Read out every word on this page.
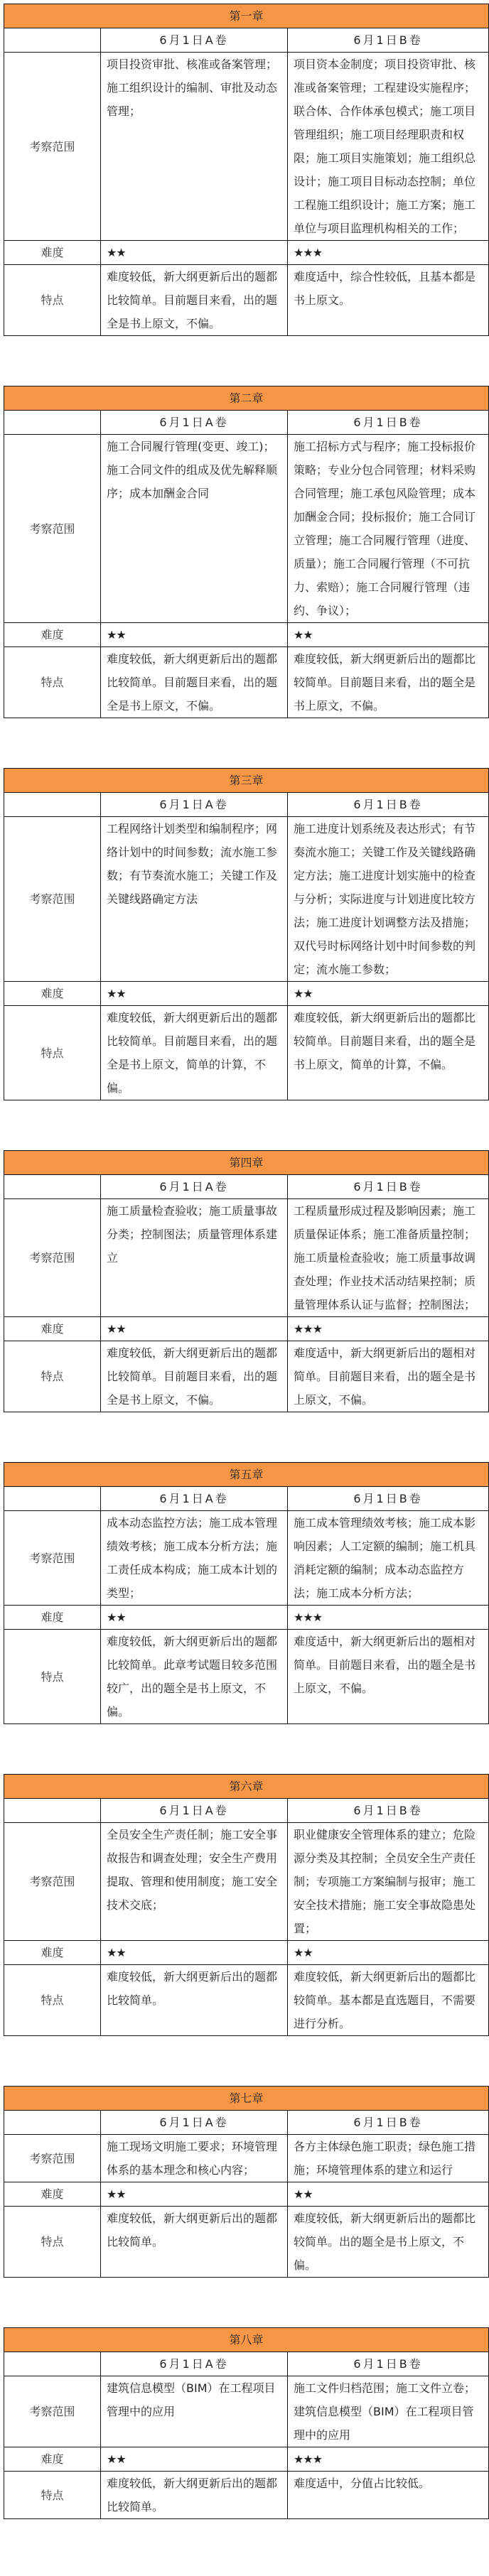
第一章		
	6月1日A卷	6月1日B卷
考察范围	项目投资审批、核准或备案管理；施工组织设计的编制、审批及动态管理；	项目资本金制度；项目投资审批、核准或备案管理；工程建设实施程序；联合体、合作体承包模式；施工项目管理组织；施工项目经理职责和权限；施工项目实施策划；施工组织总设计；施工项目目标动态控制；单位工程施工组织设计；施工方案；施工单位与项目监理机构相关的工作；
难度	★★	★★★
特点	难度较低，新大纲更新后出的题都比较简单。目前题目来看，出的题全是书上原文，不偏。	难度适中，综合性较低，且基本都是书上原文。
第二章		
	6月1日A卷	6月1日B卷
考察范围	施工合同履行管理(变更、竣工)；施工合同文件的组成及优先解释顺序；成本加酬金合同	施工招标方式与程序；施工投标报价策略；专业分包合同管理；材料采购合同管理；施工承包风险管理；成本加酬金合同；投标报价；施工合同订立管理；施工合同履行管理（进度、质量）；施工合同履行管理（不可抗力、索赔）；施工合同履行管理（违约、争议）；
难度	★★	★★
特点	难度较低，新大纲更新后出的题都比较简单。目前题目来看，出的题全是书上原文，不偏。	难度较低，新大纲更新后出的题都比较简单。目前题目来看，出的题全是书上原文，不偏。
第三章		
	6月1日A卷	6月1日B卷
考察范围	工程网络计划类型和编制程序；网络计划中的时间参数；流水施工参数；有节奏流水施工；关键工作及关键线路确定方法	施工进度计划系统及表达形式；有节奏流水施工；关键工作及关键线路确定方法；施工进度计划实施中的检查与分析；实际进度与计划进度比较方法；施工进度计划调整方法及措施；双代号时标网络计划中时间参数的判定；流水施工参数；
难度	★★	★★
特点	难度较低，新大纲更新后出的题都比较简单。目前题目来看，出的题全是书上原文，简单的计算，不偏。	难度较低，新大纲更新后出的题都比较简单。目前题目来看，出的题全是书上原文，简单的计算，不偏。
第四章		
	6月1日A卷	6月1日B卷
考察范围	施工质量检查验收；施工质量事故分类；控制图法；质量管理体系建立	工程质量形成过程及影响因素；施工质量保证体系；施工准备质量控制；施工质量检查验收；施工质量事故调查处理；作业技术活动结果控制；质量管理体系认证与监督；控制图法；
难度	★★	★★★
特点	难度较低，新大纲更新后出的题都比较简单。目前题目来看，出的题全是书上原文，不偏。	难度适中，新大纲更新后出的题相对简单。目前题目来看，出的题全是书上原文，不偏。
第五章		
	6月1日A卷	6月1日B卷
考察范围	成本动态监控方法；施工成本管理绩效考核；施工成本分析方法；施工责任成本构成；施工成本计划的类型；	施工成本管理绩效考核；施工成本影响因素；人工定额的编制；施工机具消耗定额的编制；成本动态监控方法；施工成本分析方法；
难度	★★	★★★
特点	难度较低，新大纲更新后出的题都比较简单。此章考试题目较多范围较广，出的题全是书上原文，不偏。	难度适中，新大纲更新后出的题相对简单。目前题目来看，出的题全是书上原文，不偏。
第六章		
	6月1日A卷	6月1日B卷
考察范围	全员安全生产责任制；施工安全事故报告和调查处理；安全生产费用提取、管理和使用制度；施工安全技术交底；	职业健康安全管理体系的建立；危险源分类及其控制；全员安全生产责任制；专项施工方案编制与报审；施工安全技术措施；施工安全事故隐患处置；
难度	★★	★★
特点	难度较低，新大纲更新后出的题都比较简单。	难度较低，新大纲更新后出的题都比较简单。基本都是直选题目，不需要进行分析。
第七章		
	6月1日A卷	6月1日B卷
考察范围	施工现场文明施工要求；环境管理体系的基本理念和核心内容；	各方主体绿色施工职责；绿色施工措施；环境管理体系的建立和运行
难度	★★	★★
特点	难度较低，新大纲更新后出的题都比较简单。	难度较低，新大纲更新后出的题都比较简单。出的题全是书上原文，不偏。
第八章		
	6月1日A卷	6月1日B卷
考察范围	建筑信息模型（BIM）在工程项目管理中的应用	施工文件归档范围；施工文件立卷；建筑信息模型（BIM）在工程项目管理中的应用
难度	★★	★★★
特点	难度较低，新大纲更新后出的题都比较简单。	难度适中，分值占比较低。
